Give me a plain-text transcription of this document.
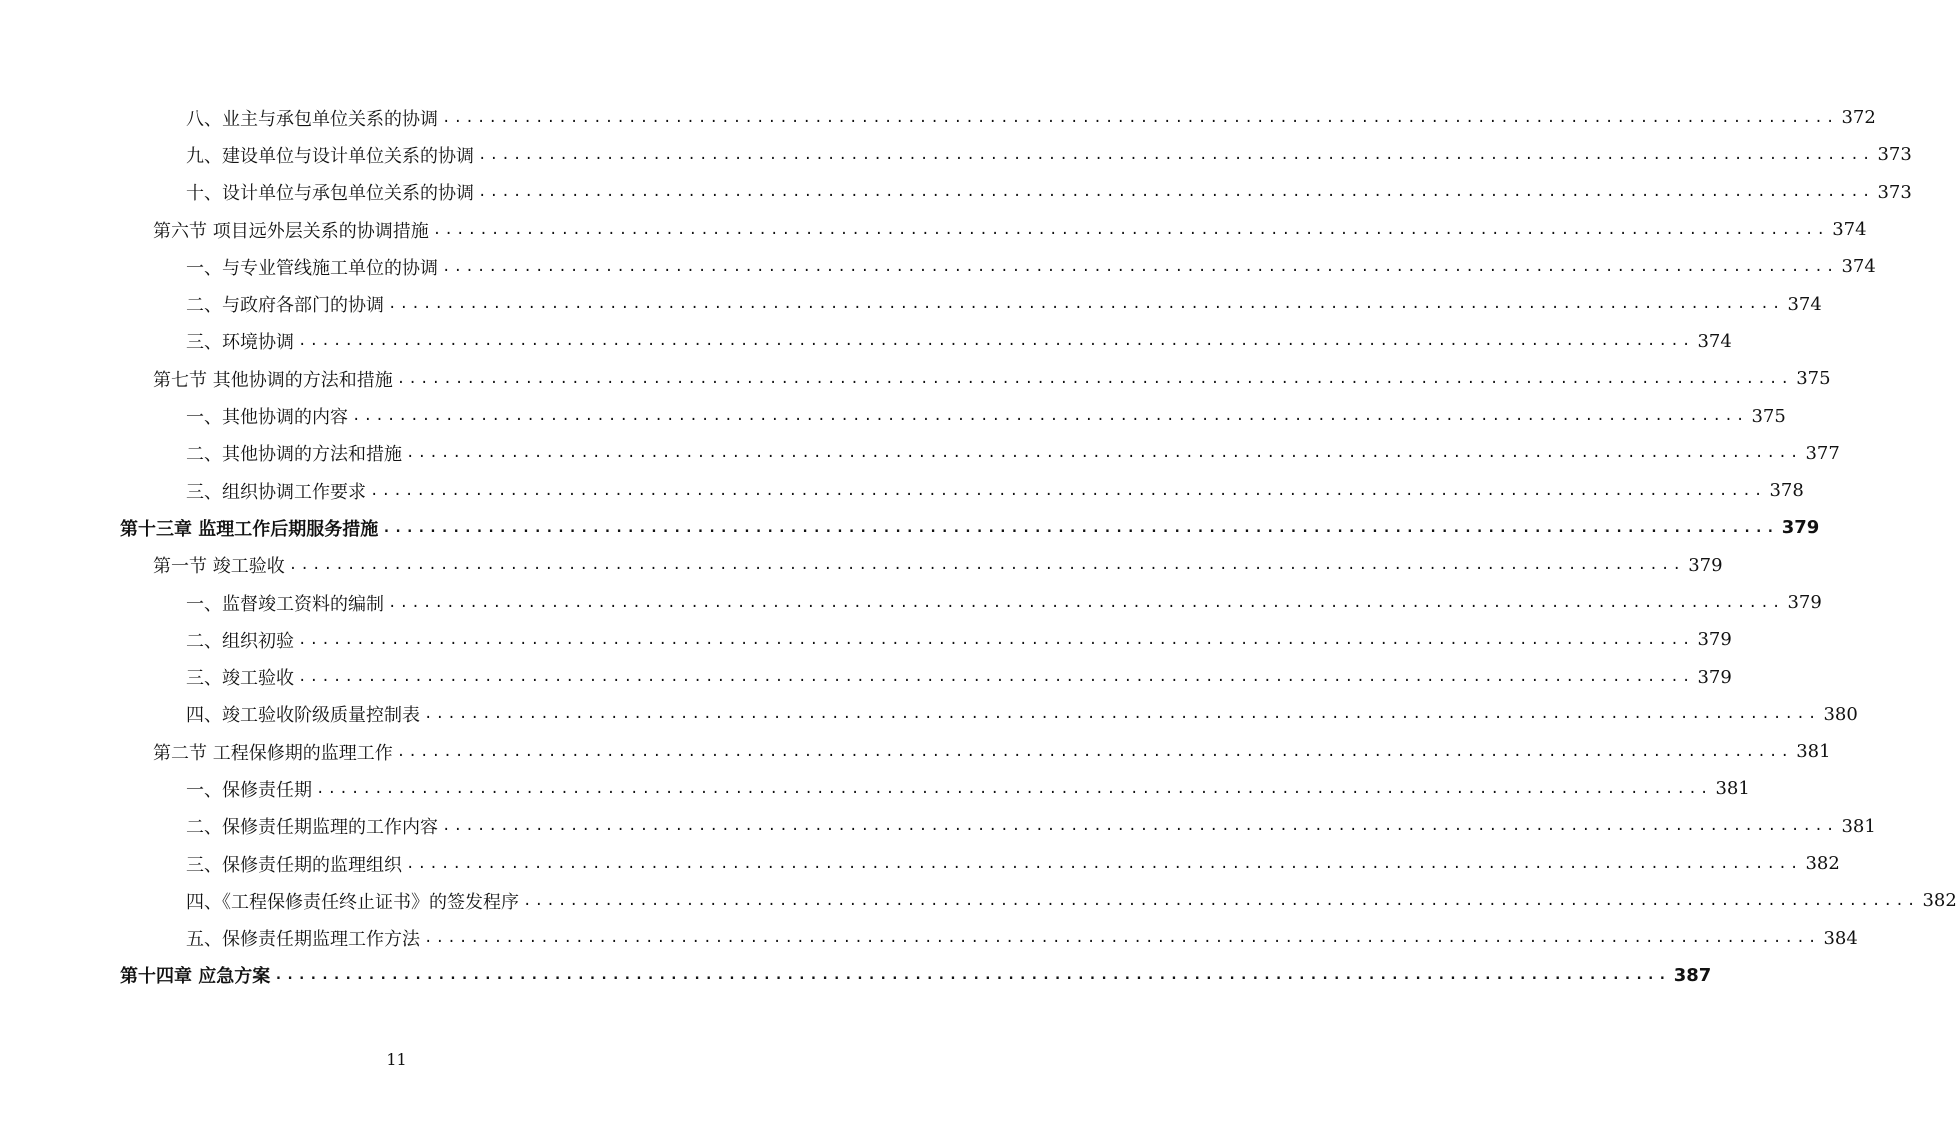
八、业主与承包单位关系的协调 ........................................................................................................................ 372
九、建设单位与设计单位关系的协调 ........................................................................................................................ 373
十、设计单位与承包单位关系的协调 ........................................................................................................................ 373
第六节 项目远外层关系的协调措施 ........................................................................................................................ 374
一、与专业管线施工单位的协调 ........................................................................................................................ 374
二、与政府各部门的协调 ........................................................................................................................ 374
三、环境协调 ........................................................................................................................ 374
第七节 其他协调的方法和措施 ........................................................................................................................ 375
一、其他协调的内容 ........................................................................................................................ 375
二、其他协调的方法和措施 ........................................................................................................................ 377
三、组织协调工作要求 ........................................................................................................................ 378
第十三章 监理工作后期服务措施 ........................................................................................................................ 379
第一节 竣工验收 ........................................................................................................................ 379
一、监督竣工资料的编制 ........................................................................................................................ 379
二、组织初验 ........................................................................................................................ 379
三、竣工验收 ........................................................................................................................ 379
四、竣工验收阶级质量控制表 ........................................................................................................................ 380
第二节 工程保修期的监理工作 ........................................................................................................................ 381
一、保修责任期 ........................................................................................................................ 381
二、保修责任期监理的工作内容 ........................................................................................................................ 381
三、保修责任期的监理组织 ........................................................................................................................ 382
四、《工程保修责任终止证书》的签发程序 ........................................................................................................................ 382
五、保修责任期监理工作方法 ........................................................................................................................ 384
第十四章 应急方案 ........................................................................................................................ 387
11
